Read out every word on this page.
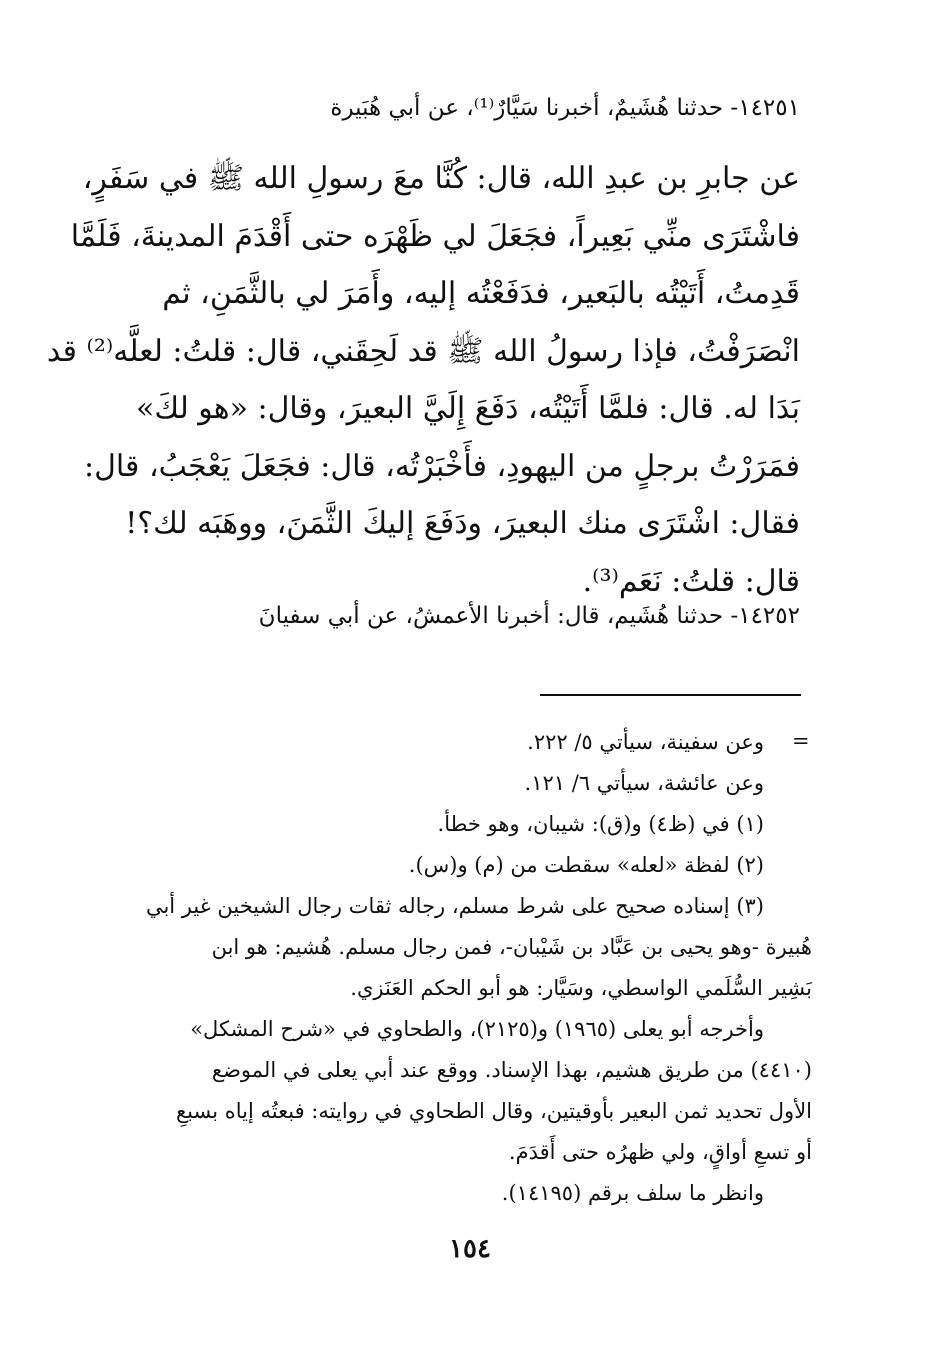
١٤٢٥١- حدثنا هُشَيمٌ، أخبرنا سَيَّارٌ⁽¹⁾، عن أبي هُبَيرة
عن جابرِ بن عبدِ الله، قال: كُنَّا معَ رسولِ الله ﷺ في سَفَرٍ،
فاشْتَرَى منِّي بَعِيراً، فجَعَلَ لي ظَهْرَه حتى أَقْدَمَ المدينةَ، فَلَمَّا
قَدِمتُ، أَتَيْتُه بالبَعير، فدَفَعْتُه إليه، وأَمَرَ لي بالثَّمَنِ، ثم
انْصَرَفْتُ، فإذا رسولُ الله ﷺ قد لَحِقَني، قال: قلتُ: لعلَّه⁽²⁾ قد
بَدَا له. قال: فلمَّا أَتَيْتُه، دَفَعَ إِلَيَّ البعيرَ، وقال: «هو لكَ»
فمَرَرْتُ برجلٍ من اليهودِ، فأَخْبَرْتُه، قال: فجَعَلَ يَعْجَبُ، قال:
فقال: اشْتَرَى منك البعيرَ، ودَفَعَ إليكَ الثَّمَنَ، ووهَبَه لك؟!
قال: قلتُ: نَعَم⁽³⁾.
١٤٢٥٢- حدثنا هُشَيم، قال: أخبرنا الأعمشُ، عن أبي سفيانَ
=
وعن سفينة، سيأتي ٥/ ٢٢٢.
وعن عائشة، سيأتي ٦/ ١٢١.
(١) في (ظ٤) و(ق): شيبان، وهو خطأ.
(٢) لفظة «لعله» سقطت من (م) و(س).
(٣) إسناده صحيح على شرط مسلم، رجاله ثقات رجال الشيخين غير أبي
هُبيرة -وهو يحيى بن عَبَّاد بن شَيْبان-، فمن رجال مسلم. هُشيم: هو ابن
بَشِير السُّلَمي الواسطي، وسَيَّار: هو أبو الحكم العَنَزي.
وأخرجه أبو يعلى (١٩٦٥) و(٢١٢٥)، والطحاوي في «شرح المشكل»
(٤٤١٠) من طريق هشيم، بهذا الإسناد. ووقع عند أبي يعلى في الموضع
الأول تحديد ثمن البعير بأوقيتين، وقال الطحاوي في روايته: فبعتُه إياه بسبعِ
أو تسعِ أواقٍ، ولي ظهرُه حتى أَقدَمَ.
وانظر ما سلف برقم (١٤١٩٥).
١٥٤
